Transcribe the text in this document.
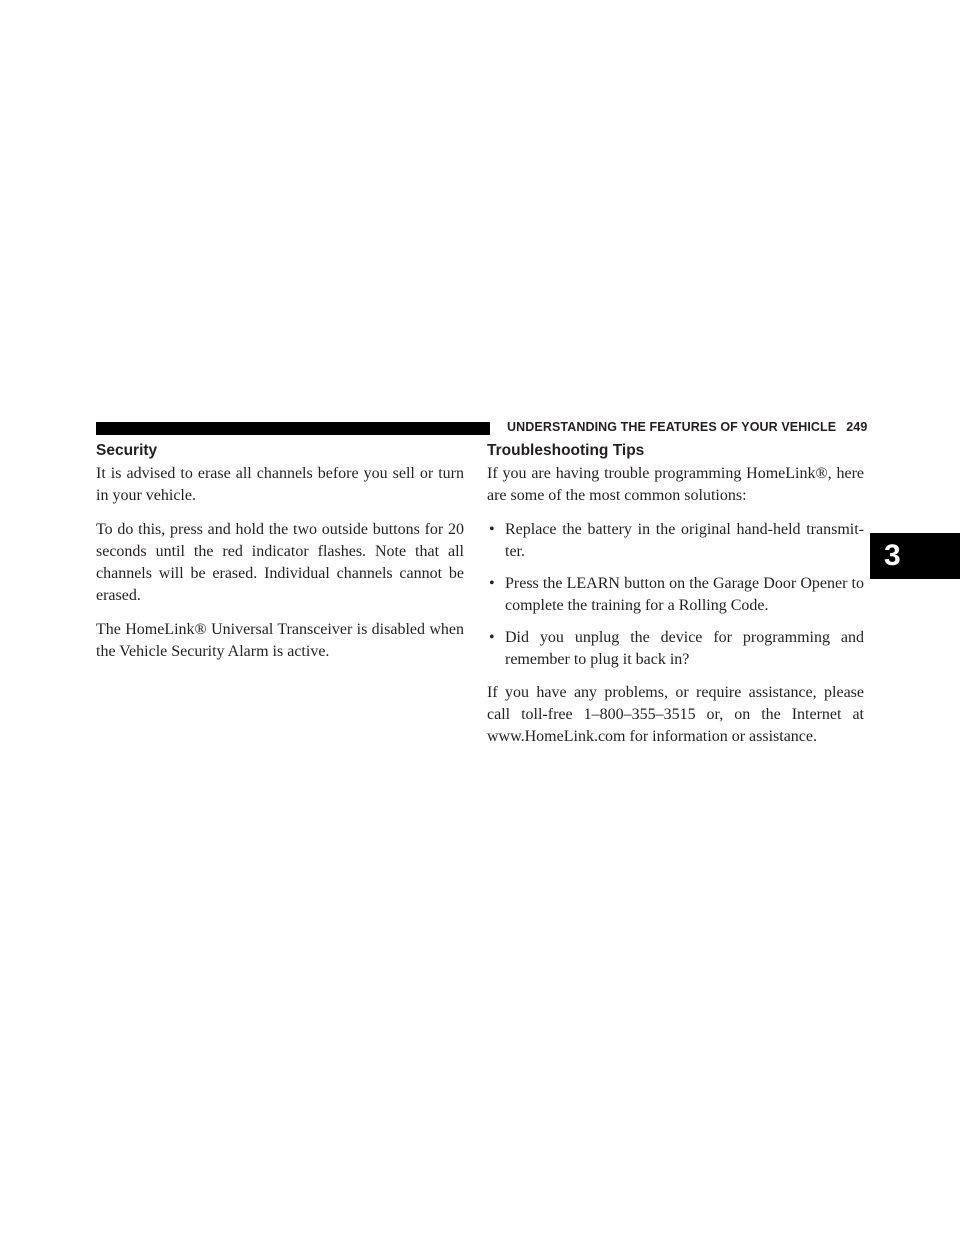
UNDERSTANDING THE FEATURES OF YOUR VEHICLE 249
3
Security

It is advised to erase all channels before you sell or turn in your vehicle.

To do this, press and hold the two outside buttons for 20 seconds until the red indicator flashes. Note that all channels will be erased. Individual channels cannot be erased.

The HomeLink® Universal Transceiver is disabled when the Vehicle Security Alarm is active.

Troubleshooting Tips

If you are having trouble programming HomeLink®, here are some of the most common solutions:

• Replace the battery in the original hand-held transmit-ter.
• Press the LEARN button on the Garage Door Opener to complete the training for a Rolling Code.
• Did you unplug the device for programming and remember to plug it back in?

If you have any problems, or require assistance, please call toll-free 1–800–355–3515 or, on the Internet at www.HomeLink.com for information or assistance.
